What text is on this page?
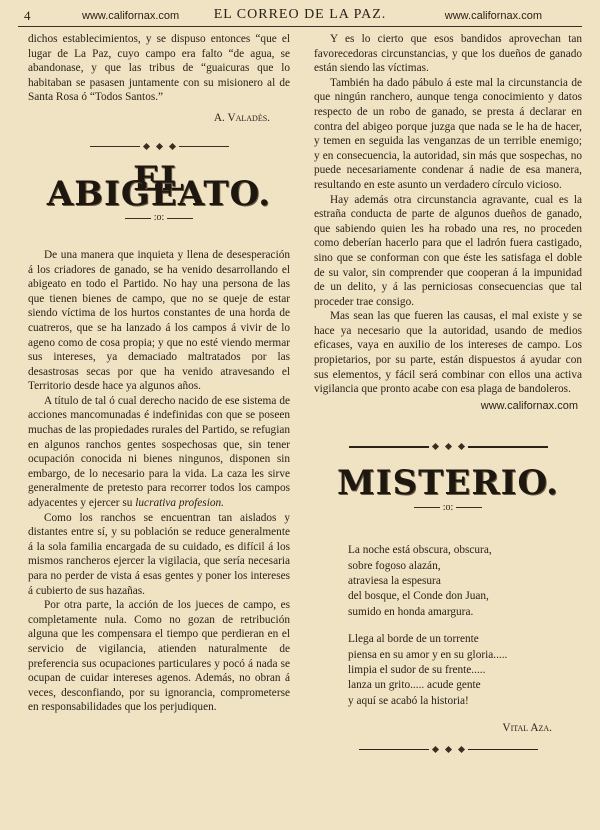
4	www.californax.com	EL CORREO DE LA PAZ.	www.californax.com

dichos establecimientos, y se dispuso entonces “que el lugar de La Paz, cuyo campo era falto “de agua, se abandonase, y que las tribus de “guaicuras que lo habitaban se pasasen juntamente con su misionero al de Santa Rosa ó “Todos Santos.”

A. Valadès.

EL ABIGEATO.
:o:

De una manera que inquieta y llena de desesperación á los criadores de ganado, se ha venido desarrollando el abigeato en todo el Partido. No hay una persona de las que tienen bienes de campo, que no se queje de estar siendo víctima de los hurtos constantes de una horda de cuatreros, que se ha lanzado á los campos á vivir de lo ageno como de cosa propia; y que no esté viendo mermar sus intereses, ya demaciado maltratados por las desastrosas secas por que ha venido atravesando el Territorio desde hace ya algunos años.

A título de tal ó cual derecho nacido de ese sistema de acciones mancomunadas é indefinidas con que se poseen muchas de las propiedades rurales del Partido, se refugian en algunos ranchos gentes sospechosas que, sin tener ocupación conocida ni bienes ningunos, disponen sin embargo, de lo necesario para la vida. La caza les sirve generalmente de pretesto para recorrer todos los campos adyacentes y ejercer su lucrativa profesion.

Como los ranchos se encuentran tan aislados y distantes entre sí, y su población se reduce generalmente á la sola familia encargada de su cuidado, es difícil á los mismos rancheros ejercer la vigilacia, que sería necesaria para no perder de vista á esas gentes y poner los intereses á cubierto de sus hazañas.

Por otra parte, la acción de los jueces de campo, es completamente nula. Como no gozan de retribución alguna que les compensara el tiempo que perdieran en el servicio de vigilancia, atienden naturalmente de preferencia sus ocupaciones particulares y pocó á nada se ocupan de cuidar intereses agenos. Además, no obran á veces, desconfiando, por su ignorancia, comprometerse en responsabilidades que los perjudiquen.

Y es lo cierto que esos bandidos aprovechan tan favorecedoras circunstancias, y que los dueños de ganado están siendo las víctimas.

También ha dado pábulo á este mal la circunstancia de que ningún ranchero, aunque tenga conocimiento y datos respecto de un robo de ganado, se presta á declarar en contra del abigeo porque juzga que nada se le ha de hacer, y temen en seguida las venganzas de un terrible enemigo; y en consecuencia, la autoridad, sin más que sospechas, no puede necesariamente condenar á nadie de esa manera, resultando en este asunto un verdadero círculo vicioso.

Hay además otra circunstancia agravante, cual es la estraña conducta de parte de algunos dueños de ganado, que sabiendo quien les ha robado una res, no proceden como deberían hacerlo para que el ladrón fuera castigado, sino que se conforman con que éste les satisfaga el doble de su valor, sin comprender que cooperan á la impunidad de un delito, y á las perniciosas consecuencias que tal proceder trae consigo.

Mas sean las que fueren las causas, el mal existe y se hace ya necesario que la autoridad, usando de medios eficases, vaya en auxilio de los intereses de campo. Los propietarios, por su parte, están dispuestos á ayudar con sus elementos, y fácil será combinar con ellos una activa vigilancia que pronto acabe con esa plaga de bandoleros.

www.californax.com
MISTERIO.
:o:
La noche está obscura, obscura,
sobre fogoso alazán,
atraviesa la espesura
del bosque, el Conde don Juan,
sumido en honda amargura.
Llega al borde de un torrente
piensa en su amor y en su gloria.....
limpia el sudor de su frente.....
lanza un grito..... acude gente
y aquí se acabó la historia!
Vital Aza.
